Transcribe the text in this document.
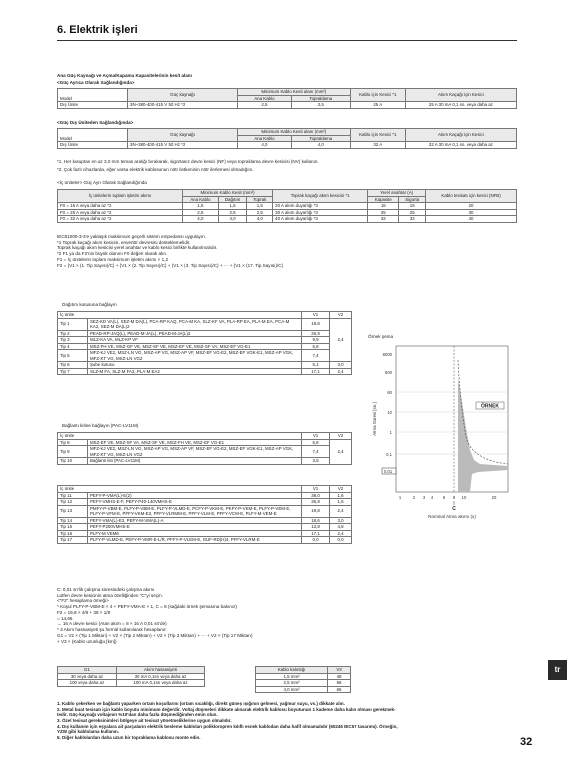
6. Elektrik işleri
Ana Güç Kaynağı ve Açma/Kapama Kapasitelerinin kesit alanı
<Güç Ayrıca Olarak Sağlandığında>
Model	Güç kaynağı	Minimum Kablo Kesit alanı (mm²)		Kablo için Kesici *1	Akım Kaçağı için Kesici
		Ana Kablo	Topraklama		
Dış Ünite	3N~380-400-415 V 50 Hz *2	2,5	2,5	25 A	25 A 30 mA 0,1 sn. veya daha az
<Güç Dış Üniteden Sağlandığında>
Model	Güç kaynağı	Minimum Kablo Kesit alanı (mm²)		Kablo için Kesici *1	Akım Kaçağı için Kesici
		Ana Kablo	Topraklama		
Dış Ünite	3N~380-400-415 V 50 Hz *2	4,0	4,0	32 A	32 A 30 mA 0,1 sn. veya daha az
*1. Her kutuptan en az 3,0 mm temas aralığı bırakarak, sigortasız devre kesici (NF) veya topraklama devre kesicisi (NV) kullanın.
*2. Çok fazlı cihazlarda, eğer varsa elektrik kablosunun nötr iletkeninin nötr ilerlemesi olmadığını.
<İç üniteler> Güç Ayrı Olarak Sağlandığında
İç ünitelerin toplam işletim akımı	Minimum Kablo Kesit (mm²)			Toprak kaçağı akım kesicisi *1	Yerel anahtar (A)		Kablo tesisatı için kesici (NFB)
	Ana Kablo	Dağıtım	Toprak		Kapasite	Sigorta	
F0 = 16 A veya daha az *2	1,5	1,5	1,5	20 A akım duyarlığı *3	16	16	20
F0 = 25 A veya daha az *2	2,5	2,5	2,5	30 A akım duyarlığı *3	25	25	30
F0 = 32 A veya daha az *2	4,0	4,0	4,0	40 A akım duyarlığı *3	32	32	40
IEC61000-3-3'e yaklaşık maksimum geçerli sistem empedansı uygulayın.
*1 Toprak kaçağı akım kesicisi, envertör devresini desteklemelidir.
Toprak kaçağı akım kesicisi yerel anahtar ve kablo kesici birlikte kullanılmalıdır.
*2 F1 ya da F2'nin büyük olanını F0 değeri olarak alın.
F1 = İç ünitelerin toplam maksimum işletim akımı × 1,2
F2 = {V1 × (1. Tip Sayısı)/C} + {V1 × (2. Tip Sayısı)/C} + {V1 × (3. Tip Sayısı)/C} + ··· + {V1 × (17. Tip Sayısı)/C}
Dağıtım kutusuna bağlayın
İç ünite		V1	V2
Tip 1	SEZ-KD VA(L), SEZ-M DA(L), PCA-RP KAQ, PCA-M KA, SLZ-KF VA, PLA-RP EA, PLA-M EA, PCA-M KA2, SEZ-M DA(L)2	19,8	2,4
Tip 2	PEAD-RP-JAQ(L), PEAD-M-JA(L), PEAD-M-JA(L)2	26,9	
Tip 3	MLZ-KA VA, MLZ-KP VF	9,9	
Tip 4	MSZ-FH VE, MSZ-GF VE, MSZ-SF VE, MSZ-EF VE, MSZ-SF VA, MSZ-EF VG-E1	6,8	
Tip 5	MFZ-KJ VE2, MSZ-LN VG, MSZ-AP VG, MSZ-AP VF, MSZ-EF VG-E2, MSZ-EF VGK-E1, MSZ-AP VGK, MFZ-KT VG, MSZ-LN VG2	7,4	
Tip 6	Şube kutusu	5,1	3,0
Tip 7	SLZ-M FA, SLZ-M FA2, PLA-M EA2	17,1	2,4
Bağlantı kitine bağlayın (PAC-LV11M)
İç ünite		V1	V2
Tip 8	MSZ-EF VE, MSZ-SF VA, MSZ-SF VE, MSZ-FH VE, MSZ-EF VG-E1	6,8	2,4
Tip 9	MFZ-KJ VE2, MSZ-LN VG, MSZ-AP VG, MSZ-AP VF, MSZ-EF VG-E2, MSZ-EF VGK-E1, MSZ-AP VGK, MFZ-KT VG, MSZ-LN VG2	7,4	
Tip 10	Bağlantı kiti (PAC-LV11M)	3,5	
İç ünite		V1	V2
Tip 11	PEFY-P-VMA(L)-E(2)	38,0	1,6
Tip 12	PEFY-VMHS-E-F, PEFY-P40-140VMHS-E	26,8	1,6
Tip 13	PMFY-P-VBM-E, PLFY-P-VBM-E, PLFY-P-VLMD-E, PCFY-P-VKM-E, PKFY-P-VKM-E, PLFY-P-VEM-E, PLFY-P-VFM-E, PFFY-VKM-E2, PFFY-VLRMM-E, PFFY-VLM-E, PFFY-VCM-E, PLFY-M-VEM-E	19,8	2,4
Tip 14	PEFY-VMA(L)-E3, PEFY-M-VMA(L)-A	18,6	3,0
Tip 15	PEFY-P200VMHS-E	13,8	4,8
Tip 16	PLFY-M VEM6	17,1	2,4
Tip 17	PLFY-P-VLMD-E, PEFY-P-VMR-E-L/R, PFFY-P-VLEM-E, GUF-RD(H)4, PFFY-VLRM-E	0,0	0,0
C: 0,01 sn'lik çalışma süresindeki çalışma akımı
Lütfen devre kesicinin atma özelliğinden "C"yi seçin.
<"F2" hesaplama örneği>
* Koşul PLFY-P-VBM-E × 4 + PEFY-VMA-E × 1, C = 8 (sağdaki örnek şemasına bakınız)
F2 = 19,8 × 4/8 + 38 × 1/8
= 14,65
→ 16 A devre kesici (Atan akım = 8 × 16 A 0,01 sn'de)
* 3 Akım hassasiyeti şu formül kullanılarak hesaplanır.
G1 = V2 × (Tip 1 Miktarı) + V2 × (Tip 2 Miktarı) + V2 × (Tip 3 Miktarı) + ··· + V2 × (Tip 17 Miktarı)
+ V3 × (Kablo uzunluğu [km])
G1	Akım hassasiyeti
30 veya daha az	30 mA 0,1sn veya daha az
100 veya daha az	100 mA 0,1sn veya daha az
Kablo kalınlığı	V3
1,5 mm²	48
2,5 mm²	56
4,0 mm²	66
Örnek şema
ÖRNEK
6000
600
60
10
1
0,1
0,01
Atma Süresi [sn.]
1	2 3 4 6 8 10	20
C
Nominal Atma akımı (x)
1. Kablo çekerken ve bağlantı yaparken ortam koşullarını (ortam sıcaklığı, direkt güneş ışığının gelmesi, yağmur suyu, vs.) dikkate alın.
2. Metal buat tesisatı için kablo boyutu minimum değerdir. Voltaj düşmeleri dikkate alınarak elektrik kablosu boyutunun 1 kademe daha kalın olması gerekmek-
tedir. Güç-kaynağı voltajının %10'dan daha fazla düşmediğinden emin olun.
3. Özel tesisat gereksinimleri bölgeye ait tesisat yönetmeliklerine uygun olmalıdır.
4. Dış kullanım için eşyalara ait parçaların elektrik besleme kabloları polikloropren kılıflı esnek kablodan daha hafif olmamalıdır (60245 IEC57 tasarımı). Örneğin,
YZW gibi kablolama kullanın.
5. Diğer kablolardan daha uzun bir topraklama kablosu monte edin.
tr
32
